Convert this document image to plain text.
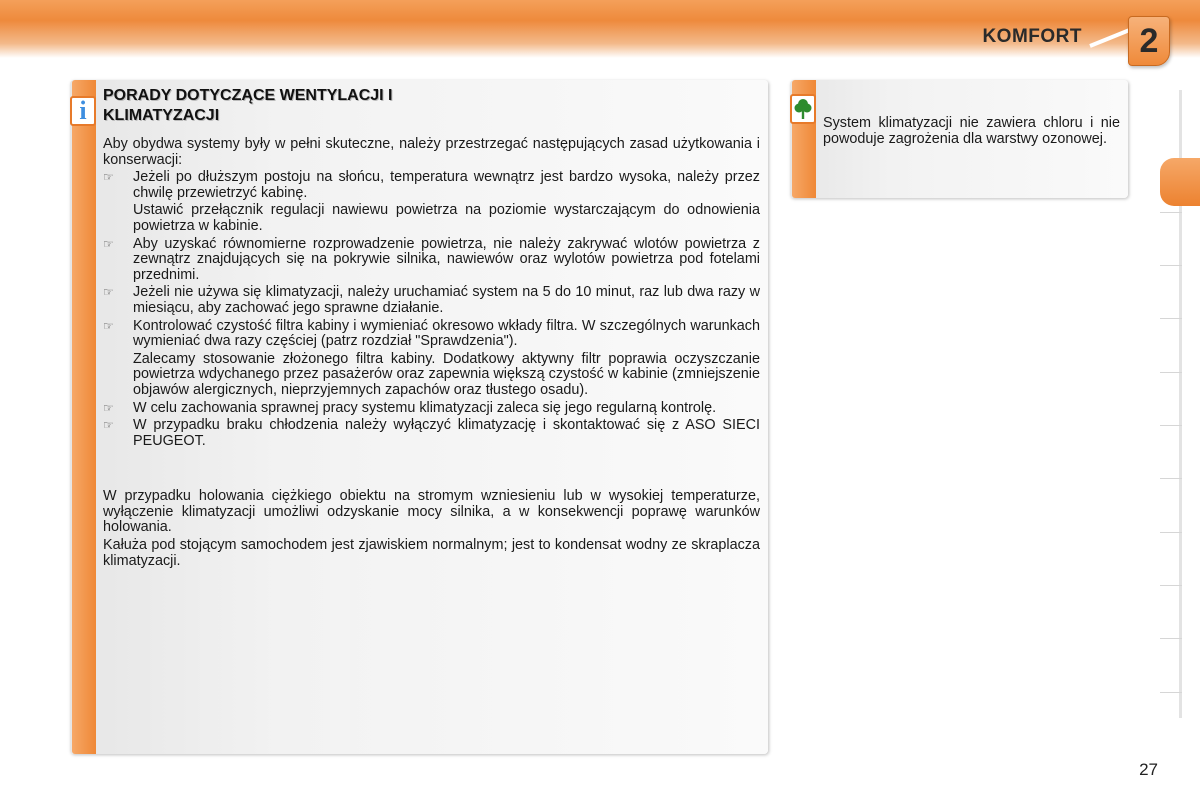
KOMFORT 2
i
PORADY DOTYCZĄCE WENTYLACJI I
KLIMATYZACJI

Aby obydwa systemy były w pełni skuteczne, należy przestrzegać następujących zasad użytkowania i konserwacji:

☞ Jeżeli po dłuższym postoju na słońcu, temperatura wewnątrz jest bardzo wysoka, należy przez chwilę przewietrzyć kabinę.

Ustawić przełącznik regulacji nawiewu powietrza na poziomie wystarczającym do odnowienia powietrza w kabinie.

☞ Aby uzyskać równomierne rozprowadzenie powietrza, nie należy zakrywać wlotów powietrza z zewnątrz znajdujących się na pokrywie silnika, nawiewów oraz wylotów powietrza pod fotelami przednimi.
☞ Jeżeli nie używa się klimatyzacji, należy uruchamiać system na 5 do 10 minut, raz lub dwa razy w miesiącu, aby zachować jego sprawne działanie.
☞ Kontrolować czystość filtra kabiny i wymieniać okresowo wkłady filtra. W szczególnych warunkach wymieniać dwa razy częściej (patrz rozdział "Sprawdzenia").

Zalecamy stosowanie złożonego filtra kabiny. Dodatkowy aktywny filtr poprawia oczyszczanie powietrza wdychanego przez pasażerów oraz zapewnia większą czystość w kabinie (zmniejszenie objawów alergicznych, nieprzyjemnych zapachów oraz tłustego osadu).

☞ W celu zachowania sprawnej pracy systemu klimatyzacji zaleca się jego regularną kontrolę.
☞ W przypadku braku chłodzenia należy wyłączyć klimatyzację i skontaktować się z ASO SIECI PEUGEOT.

W przypadku holowania ciężkiego obiektu na stromym wzniesieniu lub w wysokiej temperaturze, wyłączenie klimatyzacji umożliwi odzyskanie mocy silnika, a w konsekwencji poprawę warunków holowania.

Kałuża pod stojącym samochodem jest zjawiskiem normalnym; jest to kondensat wodny ze skraplacza klimatyzacji.

System klimatyzacji nie zawiera chloru i nie powoduje zagrożenia dla warstwy ozonowej.
27
